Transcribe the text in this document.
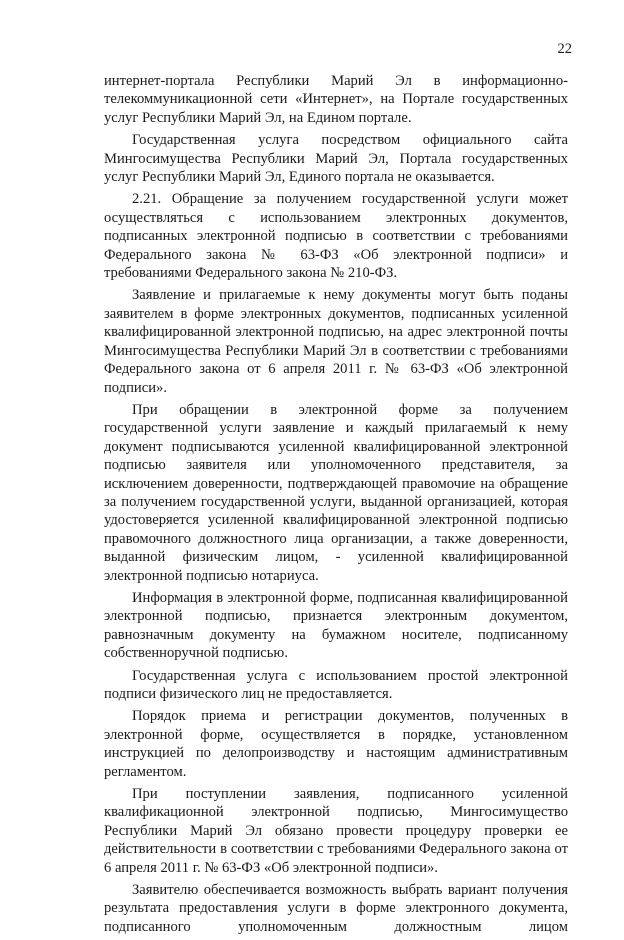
22

интернет-портала Республики Марий Эл в информационно-телекоммуникационной сети «Интернет», на Портале государственных услуг Республики Марий Эл, на Едином портале.

Государственная услуга посредством официального сайта Мингосимущества Республики Марий Эл, Портала государственных услуг Республики Марий Эл, Единого портала не оказывается.

2.21. Обращение за получением государственной услуги может осуществляться с использованием электронных документов, подписанных электронной подписью в соответствии с требованиями Федерального закона № 63-ФЗ «Об электронной подписи» и требованиями Федерального закона № 210-ФЗ.

Заявление и прилагаемые к нему документы могут быть поданы заявителем в форме электронных документов, подписанных усиленной квалифицированной электронной подписью, на адрес электронной почты Мингосимущества Республики Марий Эл в соответствии с требованиями Федерального закона от 6 апреля 2011 г. № 63-ФЗ «Об электронной подписи».

При обращении в электронной форме за получением государственной услуги заявление и каждый прилагаемый к нему документ подписываются усиленной квалифицированной электронной подписью заявителя или уполномоченного представителя, за исключением доверенности, подтверждающей правомочие на обращение за получением государственной услуги, выданной организацией, которая удостоверяется усиленной квалифицированной электронной подписью правомочного должностного лица организации, а также доверенности, выданной физическим лицом, - усиленной квалифицированной электронной подписью нотариуса.

Информация в электронной форме, подписанная квалифицированной электронной подписью, признается электронным документом, равнозначным документу на бумажном носителе, подписанному собственноручной подписью.

Государственная услуга с использованием простой электронной подписи физического лиц не предоставляется.

Порядок приема и регистрации документов, полученных в электронной форме, осуществляется в порядке, установленном инструкцией по делопроизводству и настоящим административным регламентом.

При поступлении заявления, подписанного усиленной квалификационной электронной подписью, Мингосимущество Республики Марий Эл обязано провести процедуру проверки ее действительности в соответствии с требованиями Федерального закона от 6 апреля 2011 г. № 63-ФЗ «Об электронной подписи».

Заявителю обеспечивается возможность выбрать вариант получения результата предоставления услуги в форме электронного документа, подписанного уполномоченным должностным лицом
